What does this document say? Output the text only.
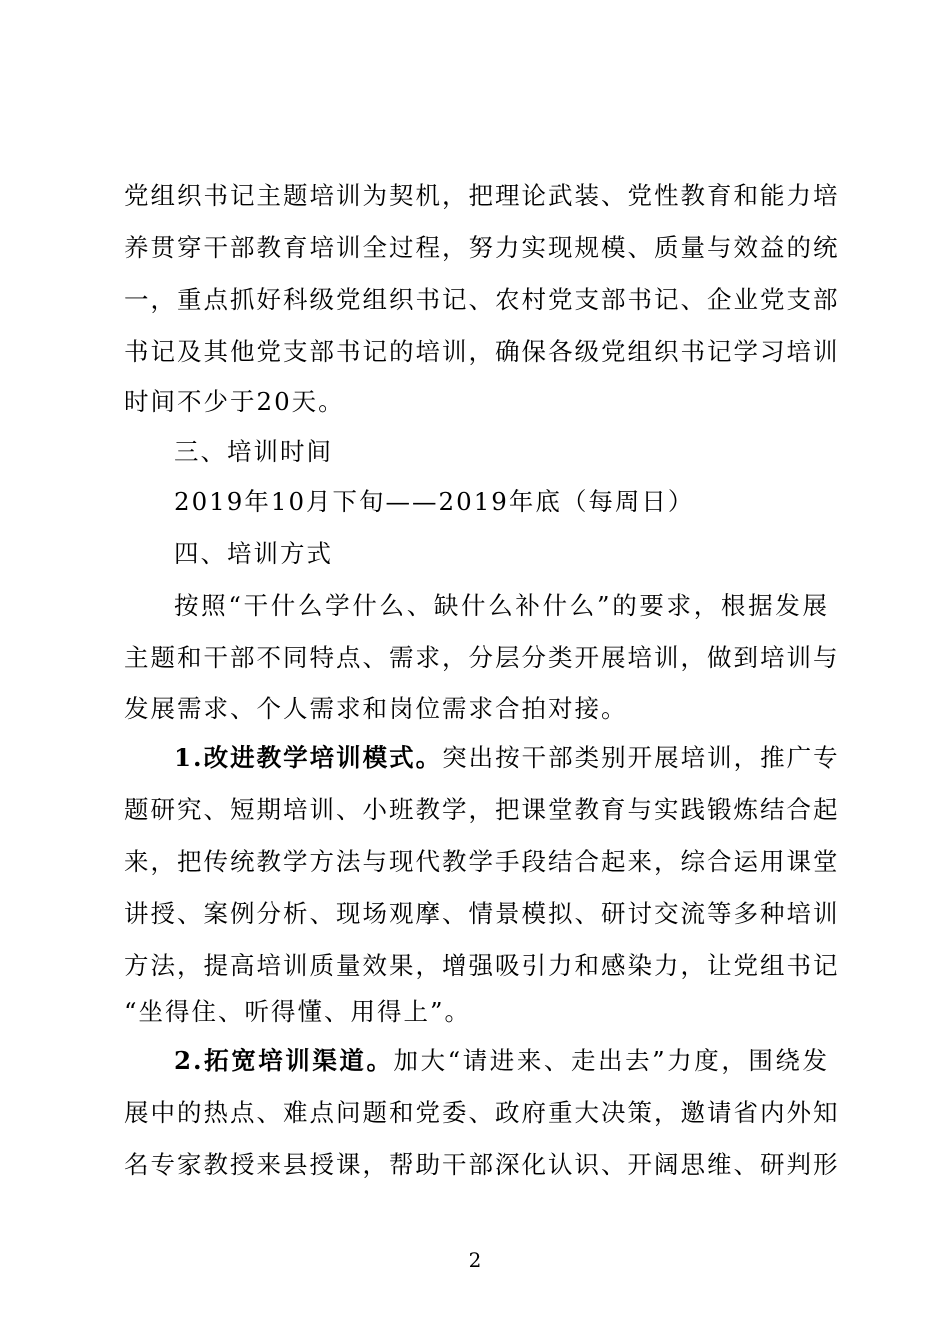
党组织书记主题培训为契机，把理论武装、党性教育和能力培
养贯穿干部教育培训全过程，努力实现规模、质量与效益的统
一，重点抓好科级党组织书记、农村党支部书记、企业党支部
书记及其他党支部书记的培训，确保各级党组织书记学习培训
时间不少于20天。
三、培训时间
2019年10月下旬——2019年底（每周日）
四、培训方式
按照“干什么学什么、缺什么补什么”的要求，根据发展
主题和干部不同特点、需求，分层分类开展培训，做到培训与
发展需求、个人需求和岗位需求合拍对接。
1.改进教学培训模式。突出按干部类别开展培训，推广专
题研究、短期培训、小班教学，把课堂教育与实践锻炼结合起
来，把传统教学方法与现代教学手段结合起来，综合运用课堂
讲授、案例分析、现场观摩、情景模拟、研讨交流等多种培训
方法，提高培训质量效果，增强吸引力和感染力，让党组书记
“坐得住、听得懂、用得上”。
2.拓宽培训渠道。加大“请进来、走出去”力度，围绕发
展中的热点、难点问题和党委、政府重大决策，邀请省内外知
名专家教授来县授课，帮助干部深化认识、开阔思维、研判形
2
